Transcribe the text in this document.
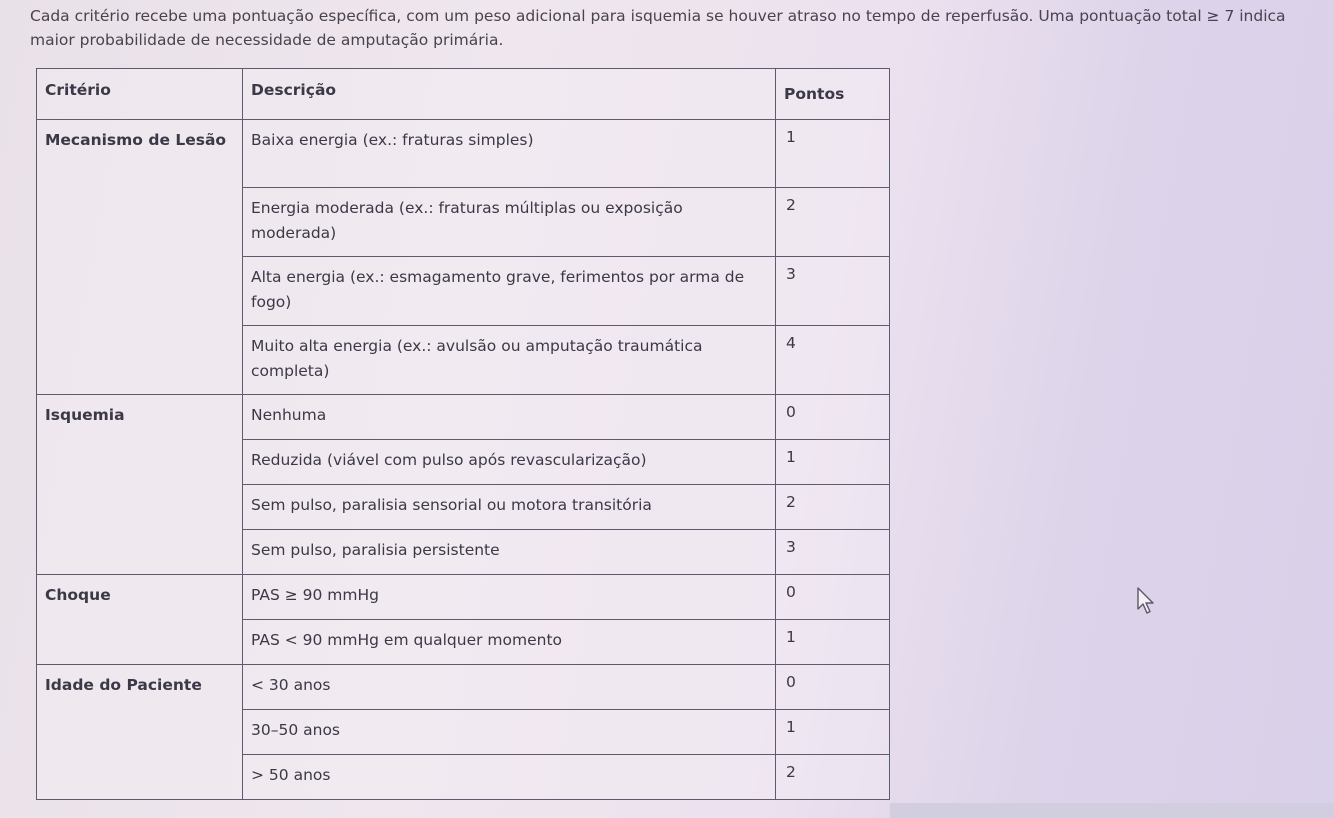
Cada critério recebe uma pontuação específica, com um peso adicional para isquemia se houver atraso no tempo de reperfusão. Uma pontuação total ≥ 7 indica maior probabilidade de necessidade de amputação primária.

Critério	Descrição	Pontos
Mecanismo de Lesão	Baixa energia (ex.: fraturas simples)	1
	Energia moderada (ex.: fraturas múltiplas ou exposição moderada)	2
	Alta energia (ex.: esmagamento grave, ferimentos por arma de fogo)	3
	Muito alta energia (ex.: avulsão ou amputação traumática completa)	4
Isquemia	Nenhuma	0
	Reduzida (viável com pulso após revascularização)	1
	Sem pulso, paralisia sensorial ou motora transitória	2
	Sem pulso, paralisia persistente	3
Choque	PAS ≥ 90 mmHg	0
	PAS < 90 mmHg em qualquer momento	1
Idade do Paciente	< 30 anos	0
	30–50 anos	1
	> 50 anos	2
